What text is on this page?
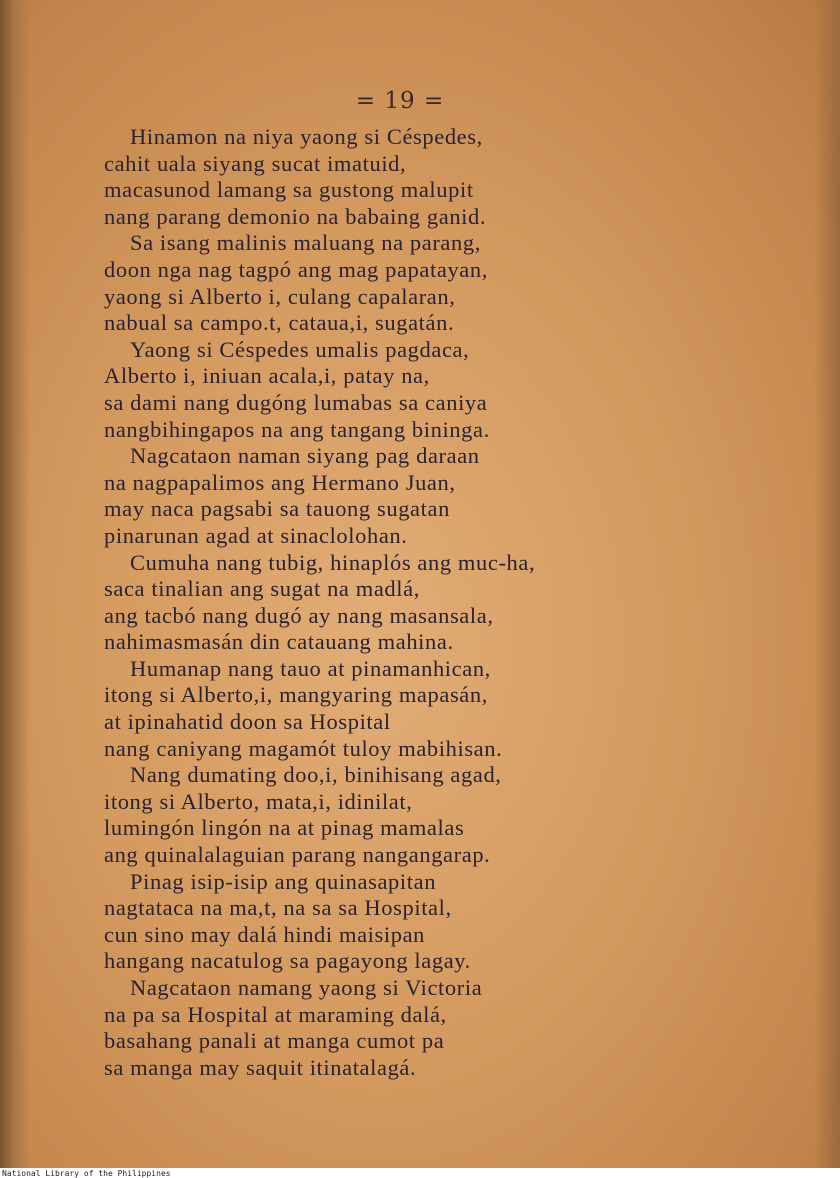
= 19 =
Hinamon na niya yaong si Céspedes,
cahit uala siyang sucat imatuid,
macasunod lamang sa gustong malupit
nang parang demonio na babaing ganid.
Sa isang malinis maluang na parang,
doon nga nag tagpó ang mag papatayan,
yaong si Alberto i, culang capalaran,
nabual sa campo.t, cataua,i, sugatán.
Yaong si Céspedes umalis pagdaca,
Alberto i, iniuan acala,i, patay na,
sa dami nang dugóng lumabas sa caniya
nangbihingapos na ang tangang bininga.
Nagcataon naman siyang pag daraan
na nagpapalimos ang Hermano Juan,
may naca pagsabi sa tauong sugatan
pinarunan agad at sinaclolohan.
Cumuha nang tubig, hinaplós ang muc-ha,
saca tinalian ang sugat na madlá,
ang tacbó nang dugó ay nang masansala,
nahimasmasán din catauang mahina.
Humanap nang tauo at pinamanhican,
itong si Alberto,i, mangyaring mapasán,
at ipinahatid doon sa Hospital
nang caniyang magamót tuloy mabihisan.
Nang dumating doo,i, binihisang agad,
itong si Alberto, mata,i, idinilat,
lumingón lingón na at pinag mamalas
ang quinalalaguian parang nangangarap.
Pinag isip-isip ang quinasapitan
nagtataca na ma,t, na sa sa Hospital,
cun sino may dalá hindi maisipan
hangang nacatulog sa pagayong lagay.
Nagcataon namang yaong si Victoria
na pa sa Hospital at maraming dalá,
basahang panali at manga cumot pa
sa manga may saquit itinatalagá.
National Library of the Philippines
